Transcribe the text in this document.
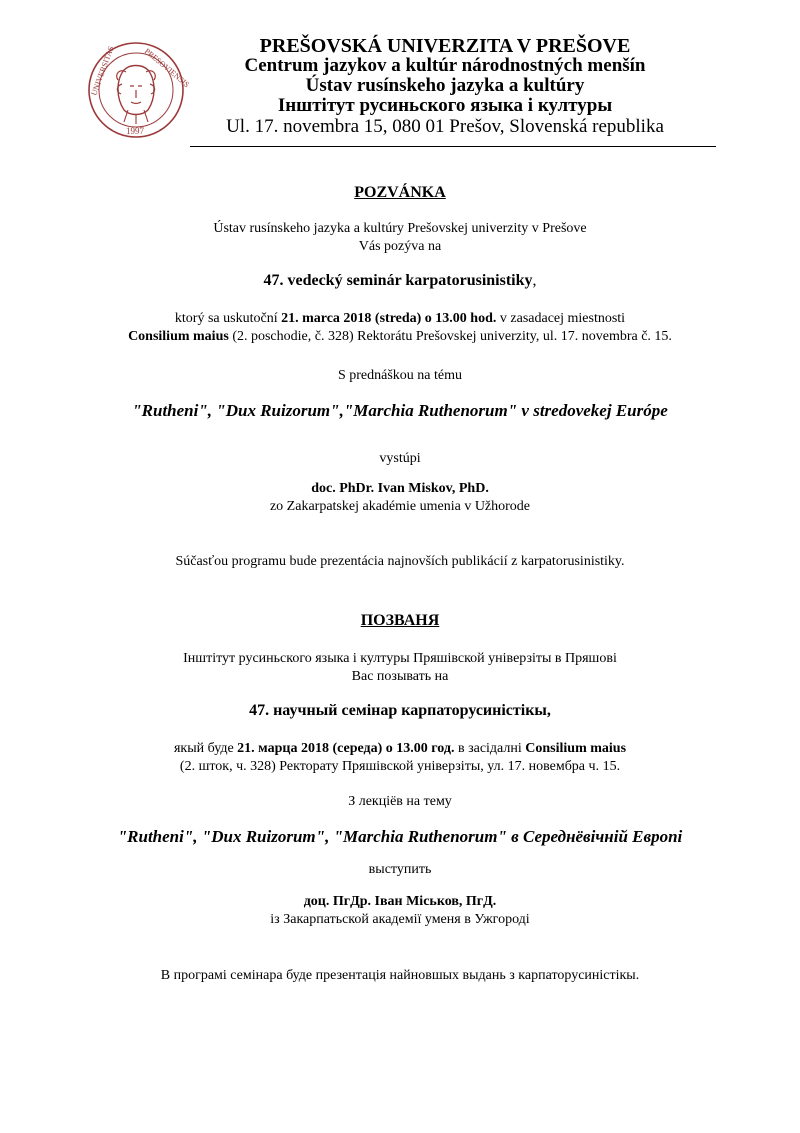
UNIVERSITAS	PRESOVIENSIS
1997
PREŠOVSKÁ UNIVERZITA V PREŠOVE
Centrum jazykov a kultúr národnostných menšín
Ústav rusínskeho jazyka a kultúry
Інштітут русиньского языка і културы
Ul. 17. novembra 15, 080 01 Prešov, Slovenská republika
POZVÁNKA
Ústav rusínskeho jazyka a kultúry Prešovskej univerzity v Prešove
Vás pozýva na
47. vedecký seminár karpatorusinistiky,
ktorý sa uskutoční 21. marca 2018 (streda) o 13.00 hod. v zasadacej miestnosti
Consilium maius (2. poschodie, č. 328) Rektorátu Prešovskej univerzity, ul. 17. novembra č. 15.
S prednáškou na tému
"Rutheni", "Dux Ruizorum","Marchia Ruthenorum" v stredovekej Európe
vystúpi
doc. PhDr. Ivan Miskov, PhD.
zo Zakarpatskej akadémie umenia v Užhorode
Súčasťou programu bude prezentácia najnovších publikácií z karpatorusinistiky.
ПОЗВАНЯ
Інштітут русиньского языка і културы Пряшівской універзіты в Пряшові
Вас позывать на
47. научный семінар карпаторусиністікы,
якый буде 21. марца 2018 (середа) о 13.00 год. в засідалні Consilium maius
(2. шток, ч. 328) Ректорату Пряшівской універзіты, ул. 17. новембра ч. 15.
З лекціёв на тему
"Rutheni", "Dux Ruizorum", "Marchia Ruthenorum" в Середнёвічній Европі
выступить
доц. ПгДр. Іван Міськов, ПгД.
із Закарпатьской академії уменя в Ужгороді
В програмі семінара буде презентація найновшых выдань з карпаторусиністікы.
